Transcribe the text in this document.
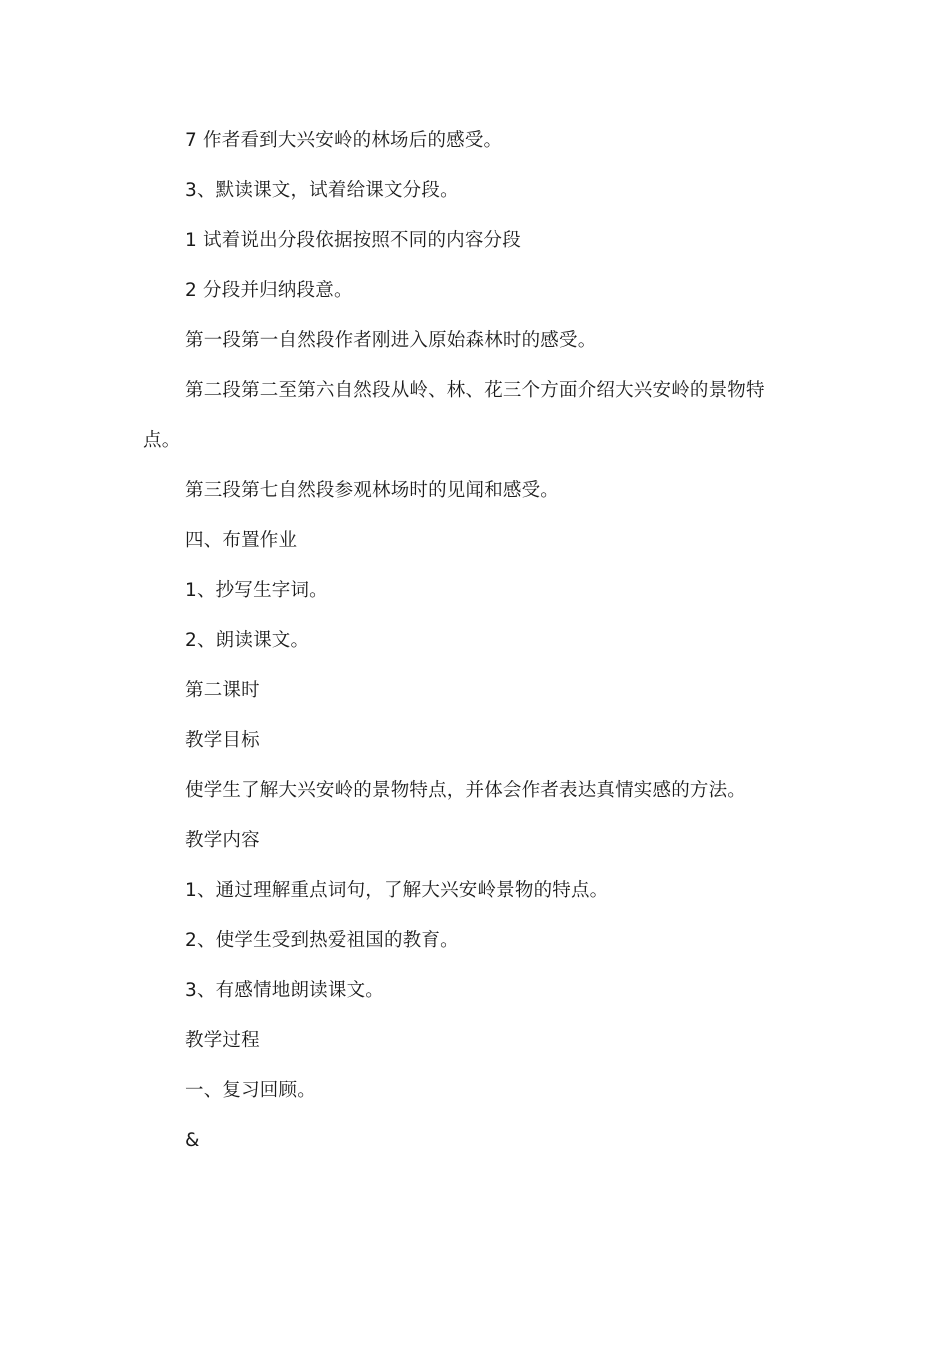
7 作者看到大兴安岭的林场后的感受。

3、默读课文，试着给课文分段。

1 试着说出分段依据按照不同的内容分段

2 分段并归纳段意。

第一段第一自然段作者刚进入原始森林时的感受。

第二段第二至第六自然段从岭、林、花三个方面介绍大兴安岭的景物特点。

第三段第七自然段参观林场时的见闻和感受。

四、布置作业

1、抄写生字词。

2、朗读课文。

第二课时

教学目标

使学生了解大兴安岭的景物特点，并体会作者表达真情实感的方法。

教学内容

1、通过理解重点词句，了解大兴安岭景物的特点。

2、使学生受到热爱祖国的教育。

3、有感情地朗读课文。

教学过程

一、复习回顾。

&
